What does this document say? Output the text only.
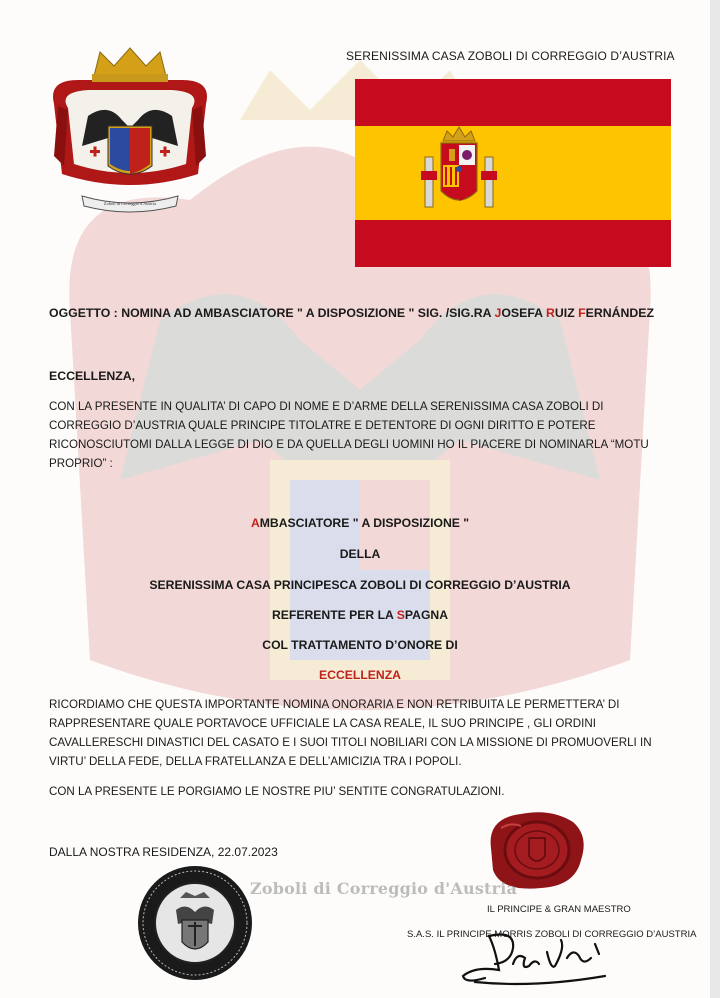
SERENISSIMA CASA ZOBOLI DI CORREGGIO D’AUSTRIA
Zoboli di Correggio d'Austria
OGGETTO : NOMINA AD AMBASCIATORE " A DISPOSIZIONE " SIG. /SIG.RA JOSEFA RUIZ FERNÁNDEZ
ECCELLENZA,
CON LA PRESENTE IN QUALITA’ DI CAPO DI NOME E D’ARME DELLA SERENISSIMA CASA ZOBOLI DI CORREGGIO D’AUSTRIA QUALE PRINCIPE TITOLATRE E DETENTORE DI OGNI DIRITTO E POTERE RICONOSCIUTOMI DALLA LEGGE DI DIO E DA QUELLA DEGLI UOMINI HO IL PIACERE DI NOMINARLA “MOTU PROPRIO” :
AMBASCIATORE " A DISPOSIZIONE "
DELLA
SERENISSIMA CASA PRINCIPESCA ZOBOLI DI CORREGGIO D’AUSTRIA
REFERENTE PER LA SPAGNA
COL TRATTAMENTO D’ONORE DI
ECCELLENZA
RICORDIAMO CHE QUESTA IMPORTANTE NOMINA ONORARIA E NON RETRIBUITA LE PERMETTERA’ DI RAPPRESENTARE QUALE PORTAVOCE UFFICIALE LA CASA REALE, IL SUO PRINCIPE , GLI ORDINI CAVALLERESCHI DINASTICI DEL CASATO E I SUOI TITOLI NOBILIARI CON LA MISSIONE DI PROMUOVERLI IN VIRTU’ DELLA FEDE, DELLA FRATELLANZA E DELL’AMICIZIA TRA I POPOLI.
CON LA PRESENTE LE PORGIAMO LE NOSTRE PIU’ SENTITE CONGRATULAZIONI.
DALLA NOSTRA RESIDENZA, 22.07.2023
Zoboli di Correggio d'Austria
IL PRINCIPE & GRAN MAESTRO
S.A.S. IL PRINCIPE MORRIS ZOBOLI DI CORREGGIO D’AUSTRIA
